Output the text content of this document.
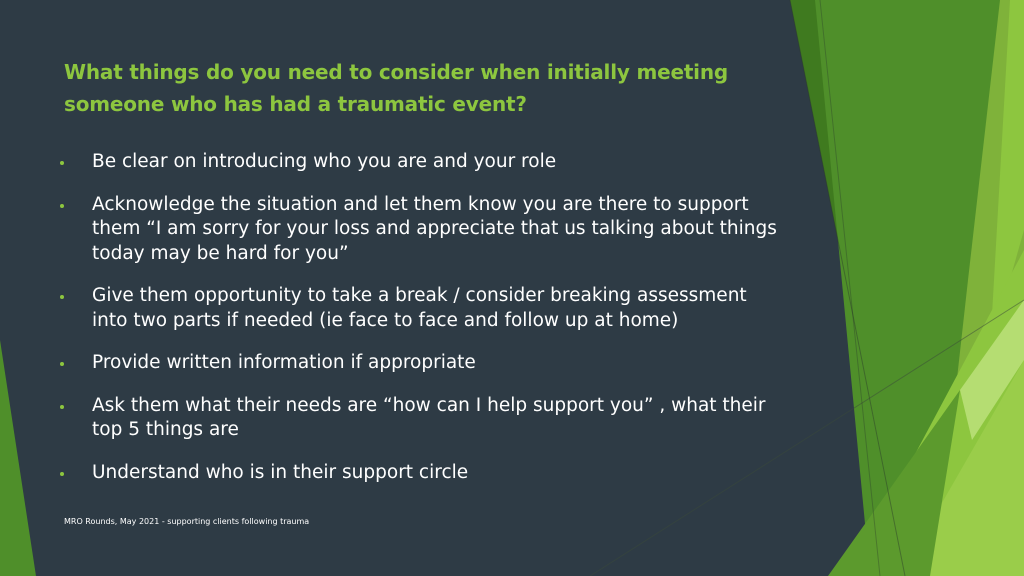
What things do you need to consider when initially meeting someone who has had a traumatic event?
Be clear on introducing who you are and your role
Acknowledge the situation and let them know you are there to support them “I am sorry for your loss and appreciate that us talking about things today may be hard for you”
Give them opportunity to take a break / consider breaking assessment into two parts if needed (ie face to face and follow up at home)
Provide written information if appropriate
Ask them what their needs are “how can I help support you” , what their top 5 things are
Understand who is in their support circle
MRO Rounds, May 2021 - supporting clients following trauma
